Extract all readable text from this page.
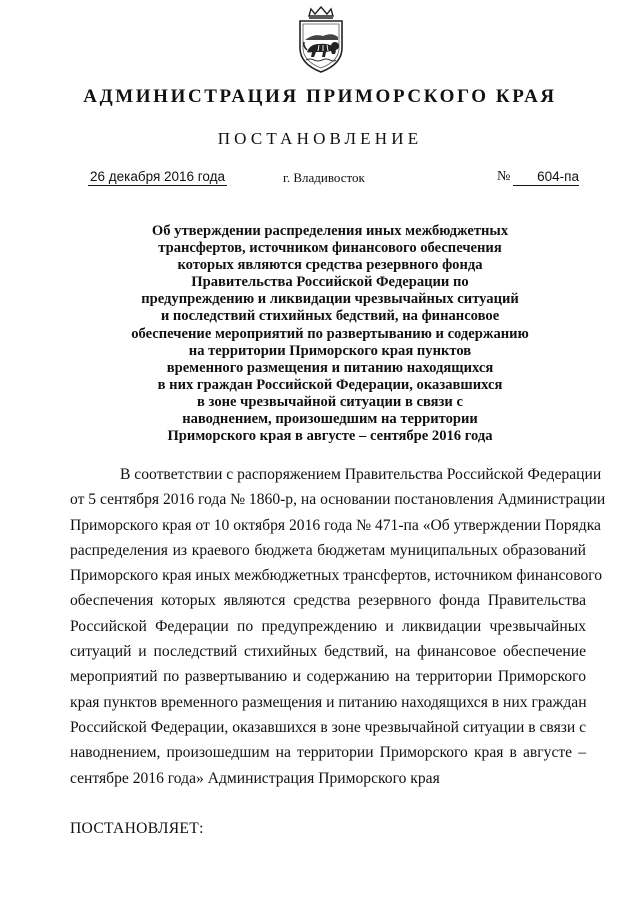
АДМИНИСТРАЦИЯ ПРИМОРСКОГО КРАЯ
ПОСТАНОВЛЕНИЕ
26 декабря 2016 года	г. Владивосток	№	604-па
Об утверждении распределения иных межбюджетных
трансфертов, источником финансового обеспечения
которых являются средства резервного фонда
Правительства Российской Федерации по
предупреждению и ликвидации чрезвычайных ситуаций
и последствий стихийных бедствий, на финансовое
обеспечение мероприятий по развертыванию и содержанию
на территории Приморского края пунктов
временного размещения и питанию находящихся
в них граждан Российской Федерации, оказавшихся
в зоне чрезвычайной ситуации в связи с
наводнением, произошедшим на территории
Приморского края в августе – сентябре 2016 года
В соответствии с распоряжением Правительства Российской Федерации
от 5 сентября 2016 года № 1860-р, на основании постановления Администрации
Приморского края от 10 октября 2016 года № 471-па «Об утверждении Порядка
распределения из краевого бюджета бюджетам муниципальных образований
Приморского края иных межбюджетных трансфертов, источником финансового
обеспечения которых являются средства резервного фонда Правительства
Российской Федерации по предупреждению и ликвидации чрезвычайных
ситуаций и последствий стихийных бедствий, на финансовое обеспечение
мероприятий по развертыванию и содержанию на территории Приморского
края пунктов временного размещения и питанию находящихся в них граждан
Российской Федерации, оказавшихся в зоне чрезвычайной ситуации в связи с
наводнением, произошедшим на территории Приморского края в августе –
сентябре 2016 года» Администрация Приморского края
ПОСТАНОВЛЯЕТ:
